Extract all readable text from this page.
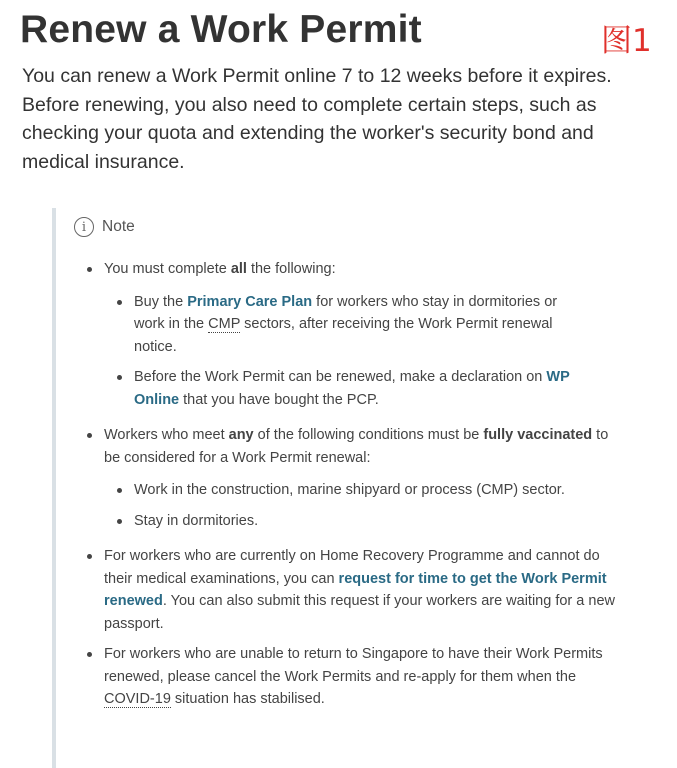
Renew a Work Permit	图1

You can renew a Work Permit online 7 to 12 weeks before it expires. Before renewing, you also need to complete certain steps, such as checking your quota and extending the worker's security bond and medical insurance.

i	Note
You must complete all the following:
Buy the Primary Care Plan for workers who stay in dormitories or work in the CMP sectors, after receiving the Work Permit renewal notice.
Before the Work Permit can be renewed, make a declaration on WP Online that you have bought the PCP.
Workers who meet any of the following conditions must be fully vaccinated to be considered for a Work Permit renewal:
Work in the construction, marine shipyard or process (CMP) sector.
Stay in dormitories.
For workers who are currently on Home Recovery Programme and cannot do their medical examinations, you can request for time to get the Work Permit renewed. You can also submit this request if your workers are waiting for a new passport.
For workers who are unable to return to Singapore to have their Work Permits renewed, please cancel the Work Permits and re-apply for them when the COVID-19 situation has stabilised.
